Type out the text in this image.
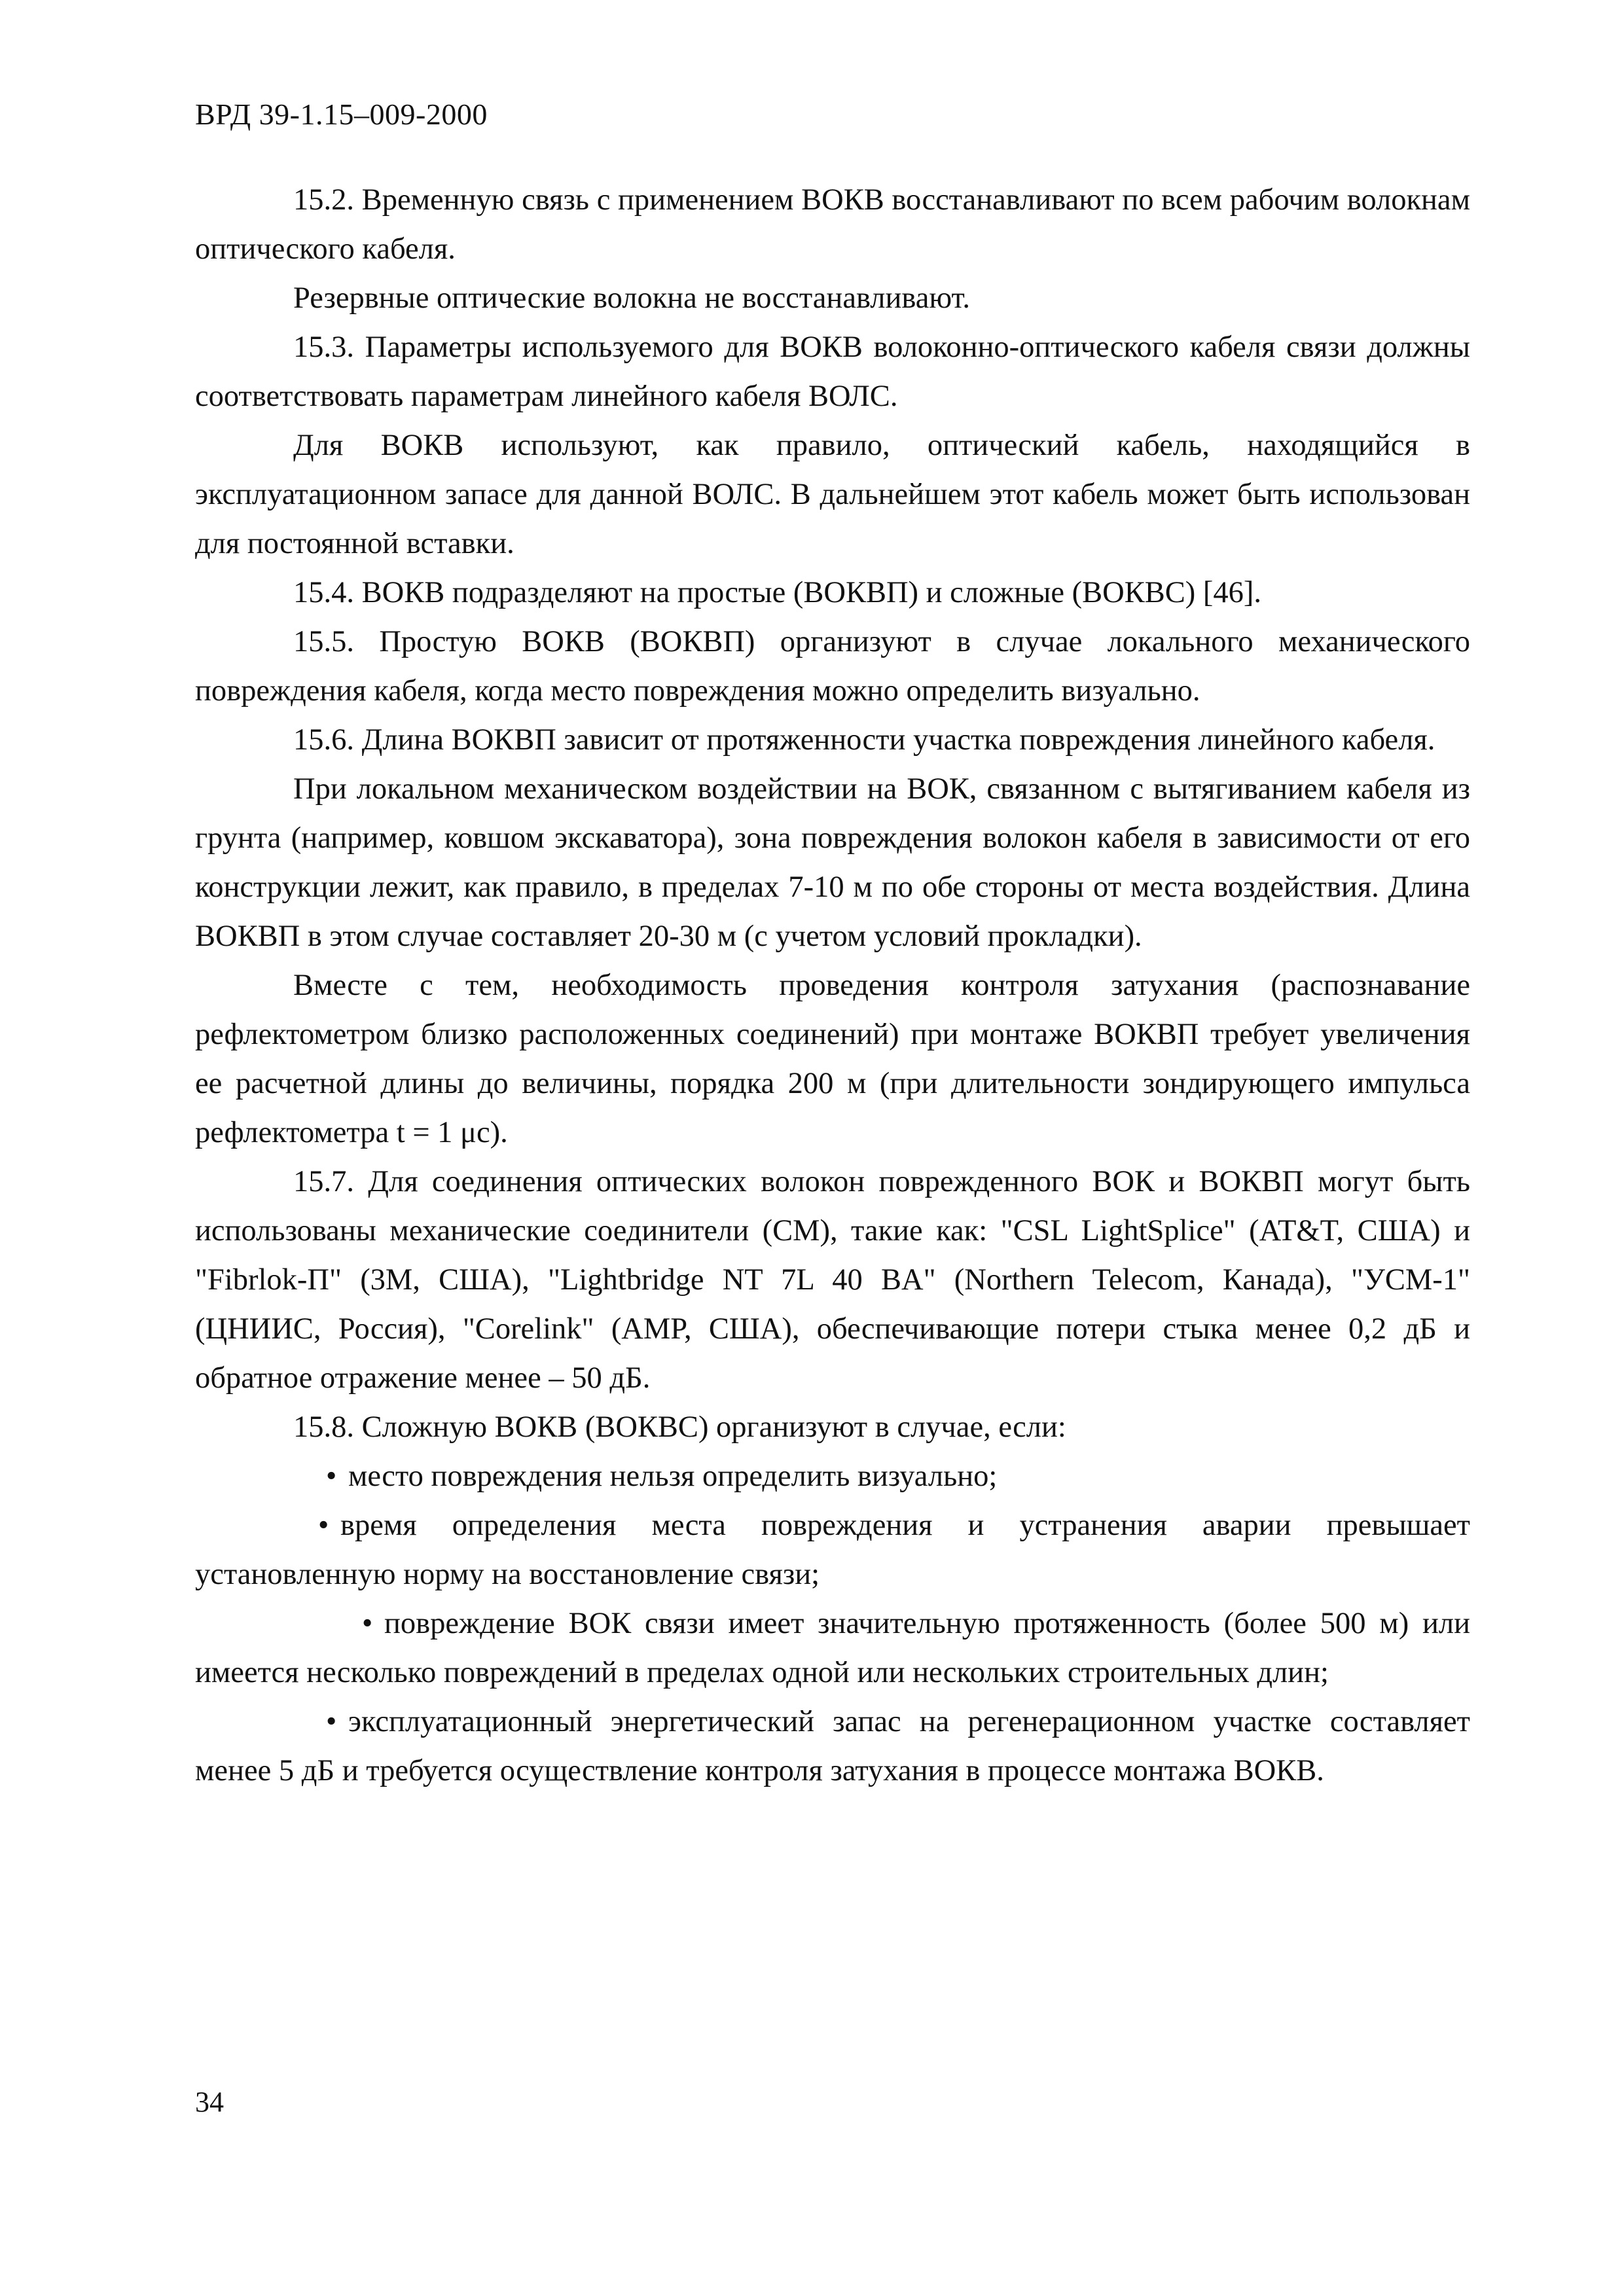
ВРД 39-1.15–009-2000

15.2. Временную связь с применением ВОКВ восстанавливают по всем рабочим волокнам оптического кабеля.

Резервные оптические волокна не восстанавливают.

15.3. Параметры используемого для ВОКВ волоконно-оптического кабеля связи должны соответствовать параметрам линейного кабеля ВОЛС.

Для ВОКВ используют, как правило, оптический кабель, находящийся в эксплуатационном запасе для данной ВОЛС. В дальнейшем этот кабель может быть использован для постоянной вставки.

15.4. ВОКВ подразделяют на простые (ВОКВП) и сложные (ВОКВС) [46].

15.5. Простую ВОКВ (ВОКВП) организуют в случае локального механического повреждения кабеля, когда место повреждения можно определить визуально.

15.6. Длина ВОКВП зависит от протяженности участка повреждения линейного кабеля.

При локальном механическом воздействии на ВОК, связанном с вытягиванием кабеля из грунта (например, ковшом экскаватора), зона повреждения волокон кабеля в зависимости от его конструкции лежит, как правило, в пределах 7-10 м по обе стороны от места воздействия. Длина ВОКВП в этом случае составляет 20-30 м (с учетом условий прокладки).

Вместе с тем, необходимость проведения контроля затухания (распознавание рефлектометром близко расположенных соединений) при монтаже ВОКВП требует увеличения ее расчетной длины до величины, порядка 200 м (при длительности зондирующего импульса рефлектометра t = 1 μс).

15.7. Для соединения оптических волокон поврежденного ВОК и ВОКВП могут быть использованы механические соединители (СМ), такие как: "CSL LightSplice" (AT&T, США) и "Fibrlok-П" (3М, США), "Lightbridge NT 7L 40 BA" (Northern Telecom, Канада), "УСМ-1" (ЦНИИС, Россия), "Corelink" (AMP, США), обеспечивающие потери стыка менее 0,2 дБ и обратное отражение менее – 50 дБ.

15.8. Сложную ВОКВ (ВОКВС) организуют в случае, если:

• место повреждения нельзя определить визуально;

• время определения места повреждения и устранения аварии превышает установленную норму на восстановление связи;

• повреждение ВОК связи имеет значительную протяженность (более 500 м) или имеется несколько повреждений в пределах одной или нескольких строительных длин;

• эксплуатационный энергетический запас на регенерационном участке составляет менее 5 дБ и требуется осуществление контроля затухания в процессе монтажа ВОКВ.

34
